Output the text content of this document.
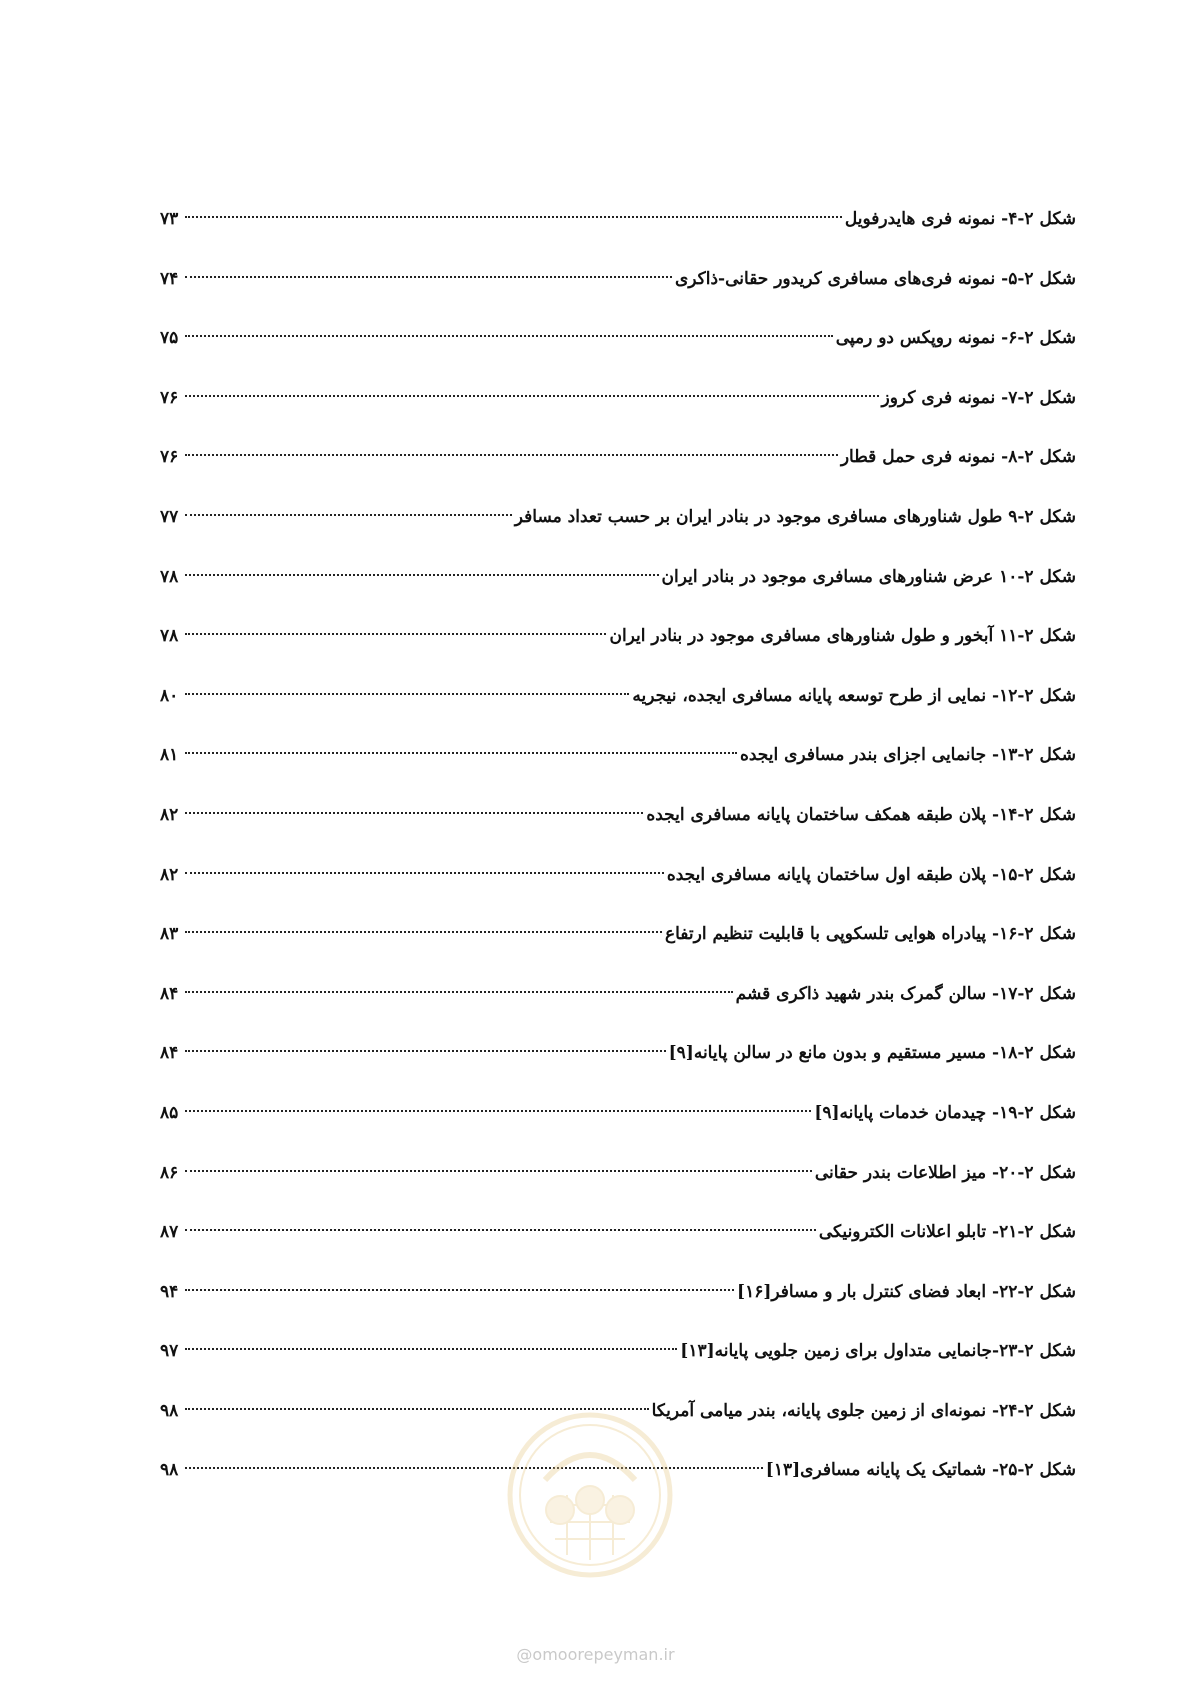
شکل ۲-۴- نمونه فری هایدرفویل
۷۳
شکل ۲-۵- نمونه فری‌های مسافری کریدور حقانی-ذاکری
۷۴
شکل ۲-۶- نمونه روپکس دو رمپی
۷۵
شکل ۲-۷- نمونه فری کروز
۷۶
شکل ۲-۸- نمونه فری حمل قطار
۷۶
شکل ۲-۹ طول شناورهای مسافری موجود در بنادر ایران بر حسب تعداد مسافر
۷۷
شکل ۲-۱۰ عرض شناورهای مسافری موجود در بنادر ایران
۷۸
شکل ۲-۱۱ آبخور و طول شناورهای مسافری موجود در بنادر ایران
۷۸
شکل ۲-۱۲- نمایی از طرح توسعه پایانه مسافری ایجده، نیجریه
۸۰
شکل ۲-۱۳- جانمایی اجزای بندر مسافری ایجده
۸۱
شکل ۲-۱۴- پلان طبقه همکف ساختمان پایانه مسافری ایجده
۸۲
شکل ۲-۱۵- پلان طبقه اول ساختمان پایانه مسافری ایجده
۸۲
شکل ۲-۱۶- پیادراه هوایی تلسکوپی با قابلیت تنظیم ارتفاع
۸۳
شکل ۲-۱۷- سالن گمرک بندر شهید ذاکری قشم
۸۴
شکل ۲-۱۸- مسیر مستقیم و بدون مانع در سالن پایانه[۹]
۸۴
شکل ۲-۱۹- چیدمان خدمات پایانه[۹]
۸۵
شکل ۲-۲۰- میز اطلاعات بندر حقانی
۸۶
شکل ۲-۲۱- تابلو اعلانات الکترونیکی
۸۷
شکل ۲-۲۲- ابعاد فضای کنترل بار و مسافر[۱۶]
۹۴
شکل ۲-۲۳-جانمایی متداول برای زمین جلویی پایانه[۱۳]
۹۷
شکل ۲-۲۴- نمونه‌ای از زمین جلوی پایانه، بندر میامی آمریکا
۹۸
شکل ۲-۲۵- شماتیک یک پایانه مسافری[۱۳]
۹۸
@omoorepeyman.ir
